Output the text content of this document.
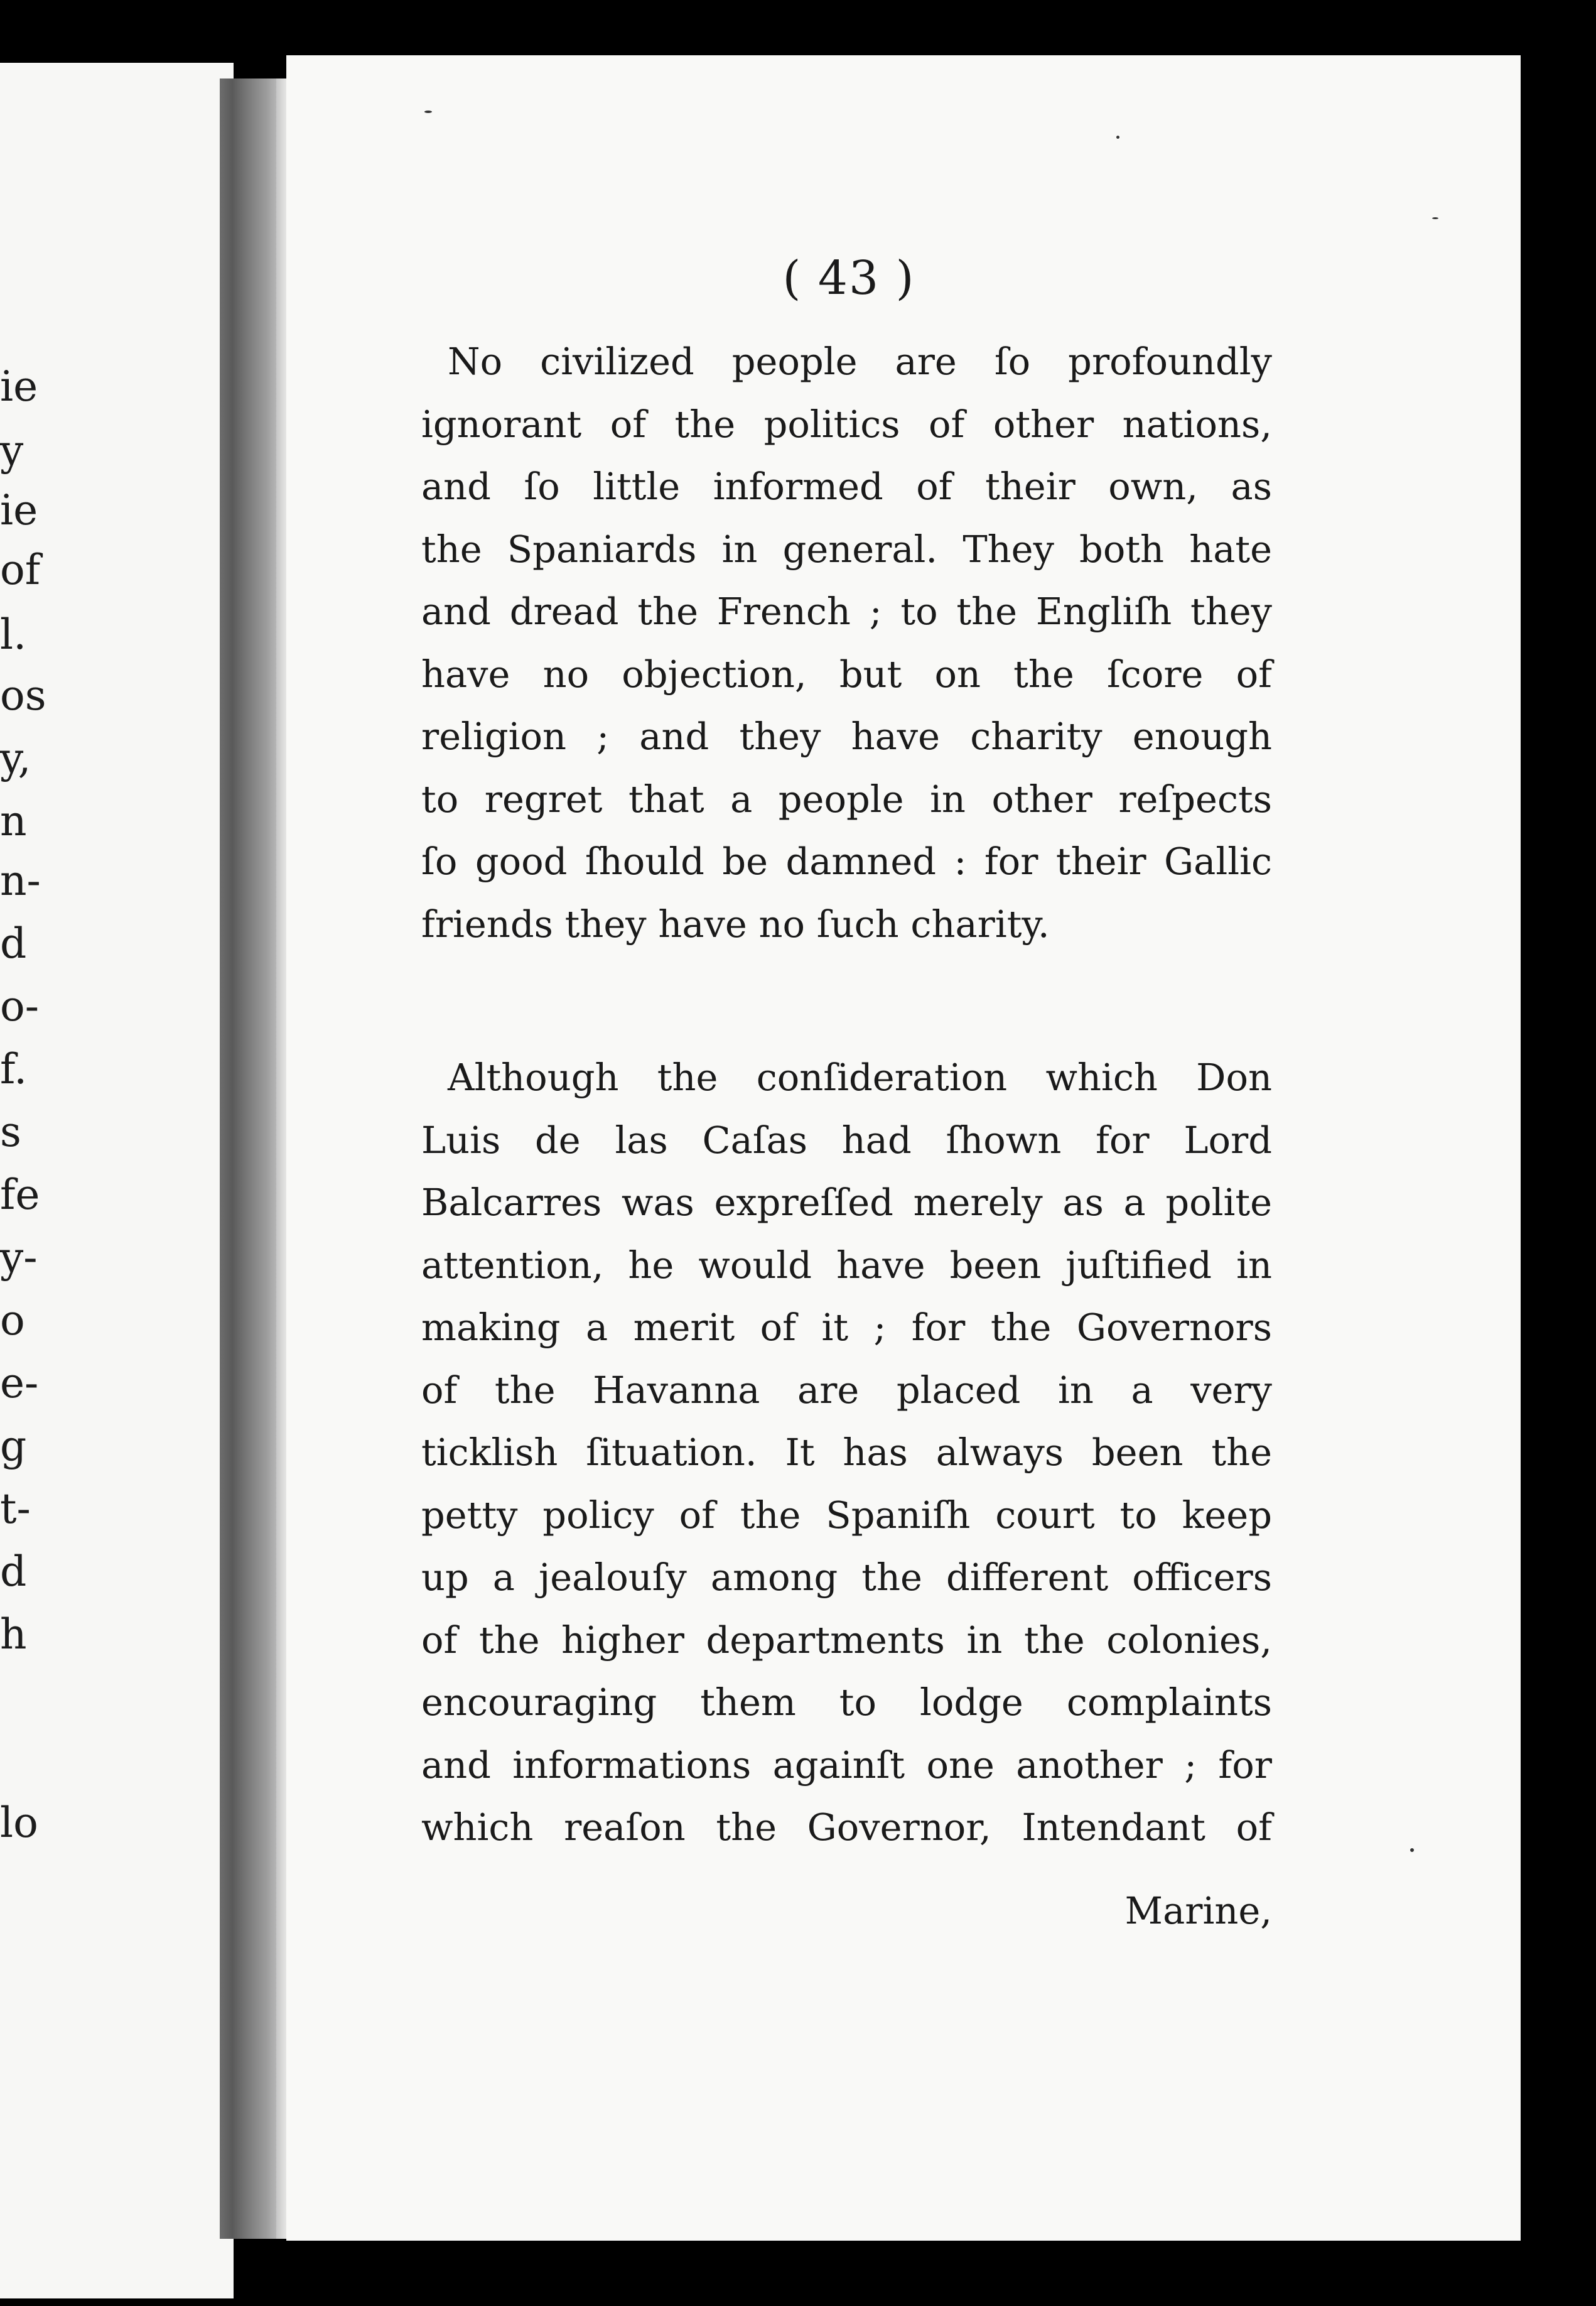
ie
y
ie
of
l.
os
y,
n
n-
d
o-
f.
s
fe
y-
o
e-
g
t-
d
h
lo
( 43 )
No civilized people are ſo profoundly
ignorant of the politics of other nations,
and ſo little informed of their own, as
the Spaniards in general. They both hate
and dread the French ; to the Engliſh they
have no objection, but on the ſcore of
religion ; and they have charity enough
to regret that a people in other reſpects
ſo good ſhould be damned : for their Gallic
friends they have no ſuch charity.
Although the conſideration which Don
Luis de las Caſas had ſhown for Lord
Balcarres was expreſſed merely as a polite
attention, he would have been juſtified in
making a merit of it ; for the Governors
of the Havanna are placed in a very
ticklish ſituation. It has always been the
petty policy of the Spaniſh court to keep
up a jealouſy among the different officers
of the higher departments in the colonies,
encouraging them to lodge complaints
and informations againſt one another ; for
which reaſon the Governor, Intendant of
Marine,
